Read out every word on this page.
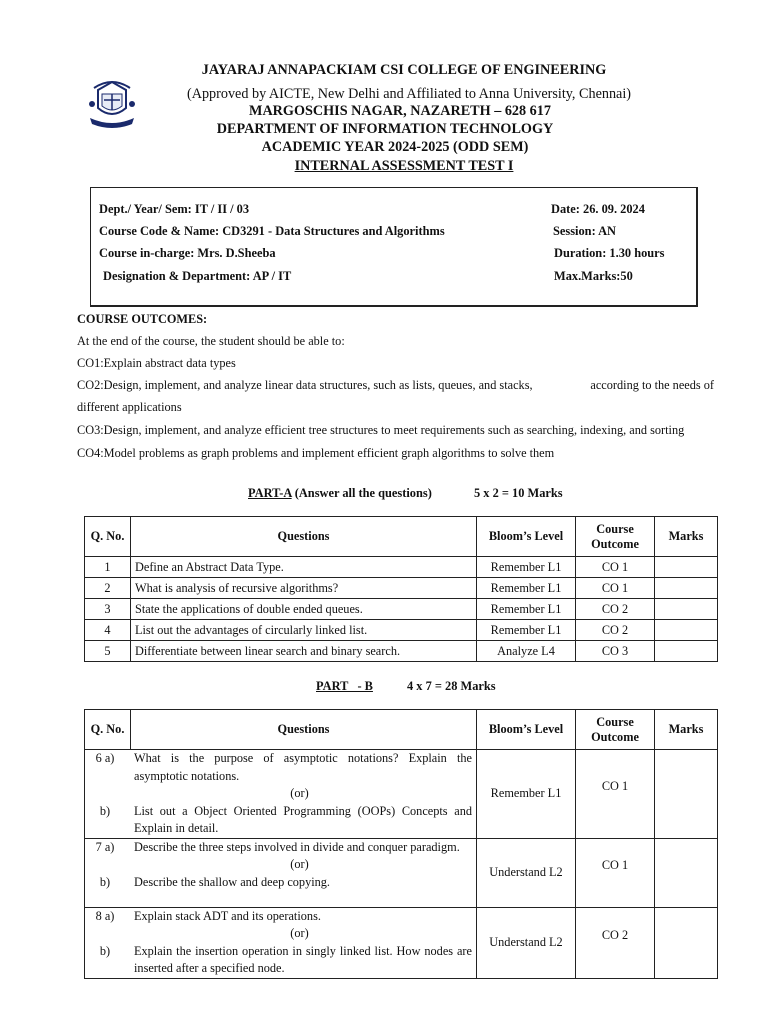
JAYARAJ ANNAPACKIAM CSI COLLEGE OF ENGINEERING
(Approved by AICTE, New Delhi and Affiliated to Anna University, Chennai)
MARGOSCHIS NAGAR, NAZARETH – 628 617
DEPARTMENT OF INFORMATION TECHNOLOGY
ACADEMIC YEAR 2024-2025 (ODD SEM)
INTERNAL ASSESSMENT TEST I
Dept./ Year/ Sem: IT / II / 03	Date: 26. 09. 2024
Course Code & Name: CD3291 - Data Structures and Algorithms	Session: AN
Course in-charge: Mrs. D.Sheeba	Duration: 1.30 hours
Designation & Department: AP / IT	Max.Marks:50
COURSE OUTCOMES:
At the end of the course, the student should be able to:
CO1:Explain abstract data types
CO2:Design, implement, and analyze linear data structures, such as lists, queues, and stacks,	according to the needs of
different applications
CO3:Design, implement, and analyze efficient tree structures to meet requirements such as searching, indexing, and sorting
CO4:Model problems as graph problems and implement efficient graph algorithms to solve them
PART-A (Answer all the questions)	5 x 2 = 10 Marks
Q. No.	Questions	Bloom’s Level	Course Outcome	Marks
1	Define an Abstract Data Type.	Remember L1	CO 1	
2	What is analysis of recursive algorithms?	Remember L1	CO 1	
3	State the applications of double ended queues.	Remember L1	CO 2	
4	List out the advantages of circularly linked list.	Remember L1	CO 2	
5	Differentiate between linear search and binary search.	Analyze L4	CO 3	
PART   - B	4 x 7 = 28 Marks
Q. No.	Questions	Bloom’s Level	Course Outcome	Marks

6 a) What is the purpose of asymptotic notations? Explain the asymptotic notations.
(or)
b) List out a Object Oriented Programming (OOPs) Concepts and Explain in detail.		Remember L1	CO 1	

7 a) Describe the three steps involved in divide and conquer paradigm.
(or)
b) Describe the shallow and deep copying.		Understand L2	CO 1	

8 a) Explain stack ADT and its operations.
(or)
b) Explain the insertion operation in singly linked list. How nodes are inserted after a specified node.		Understand L2	CO 2	
